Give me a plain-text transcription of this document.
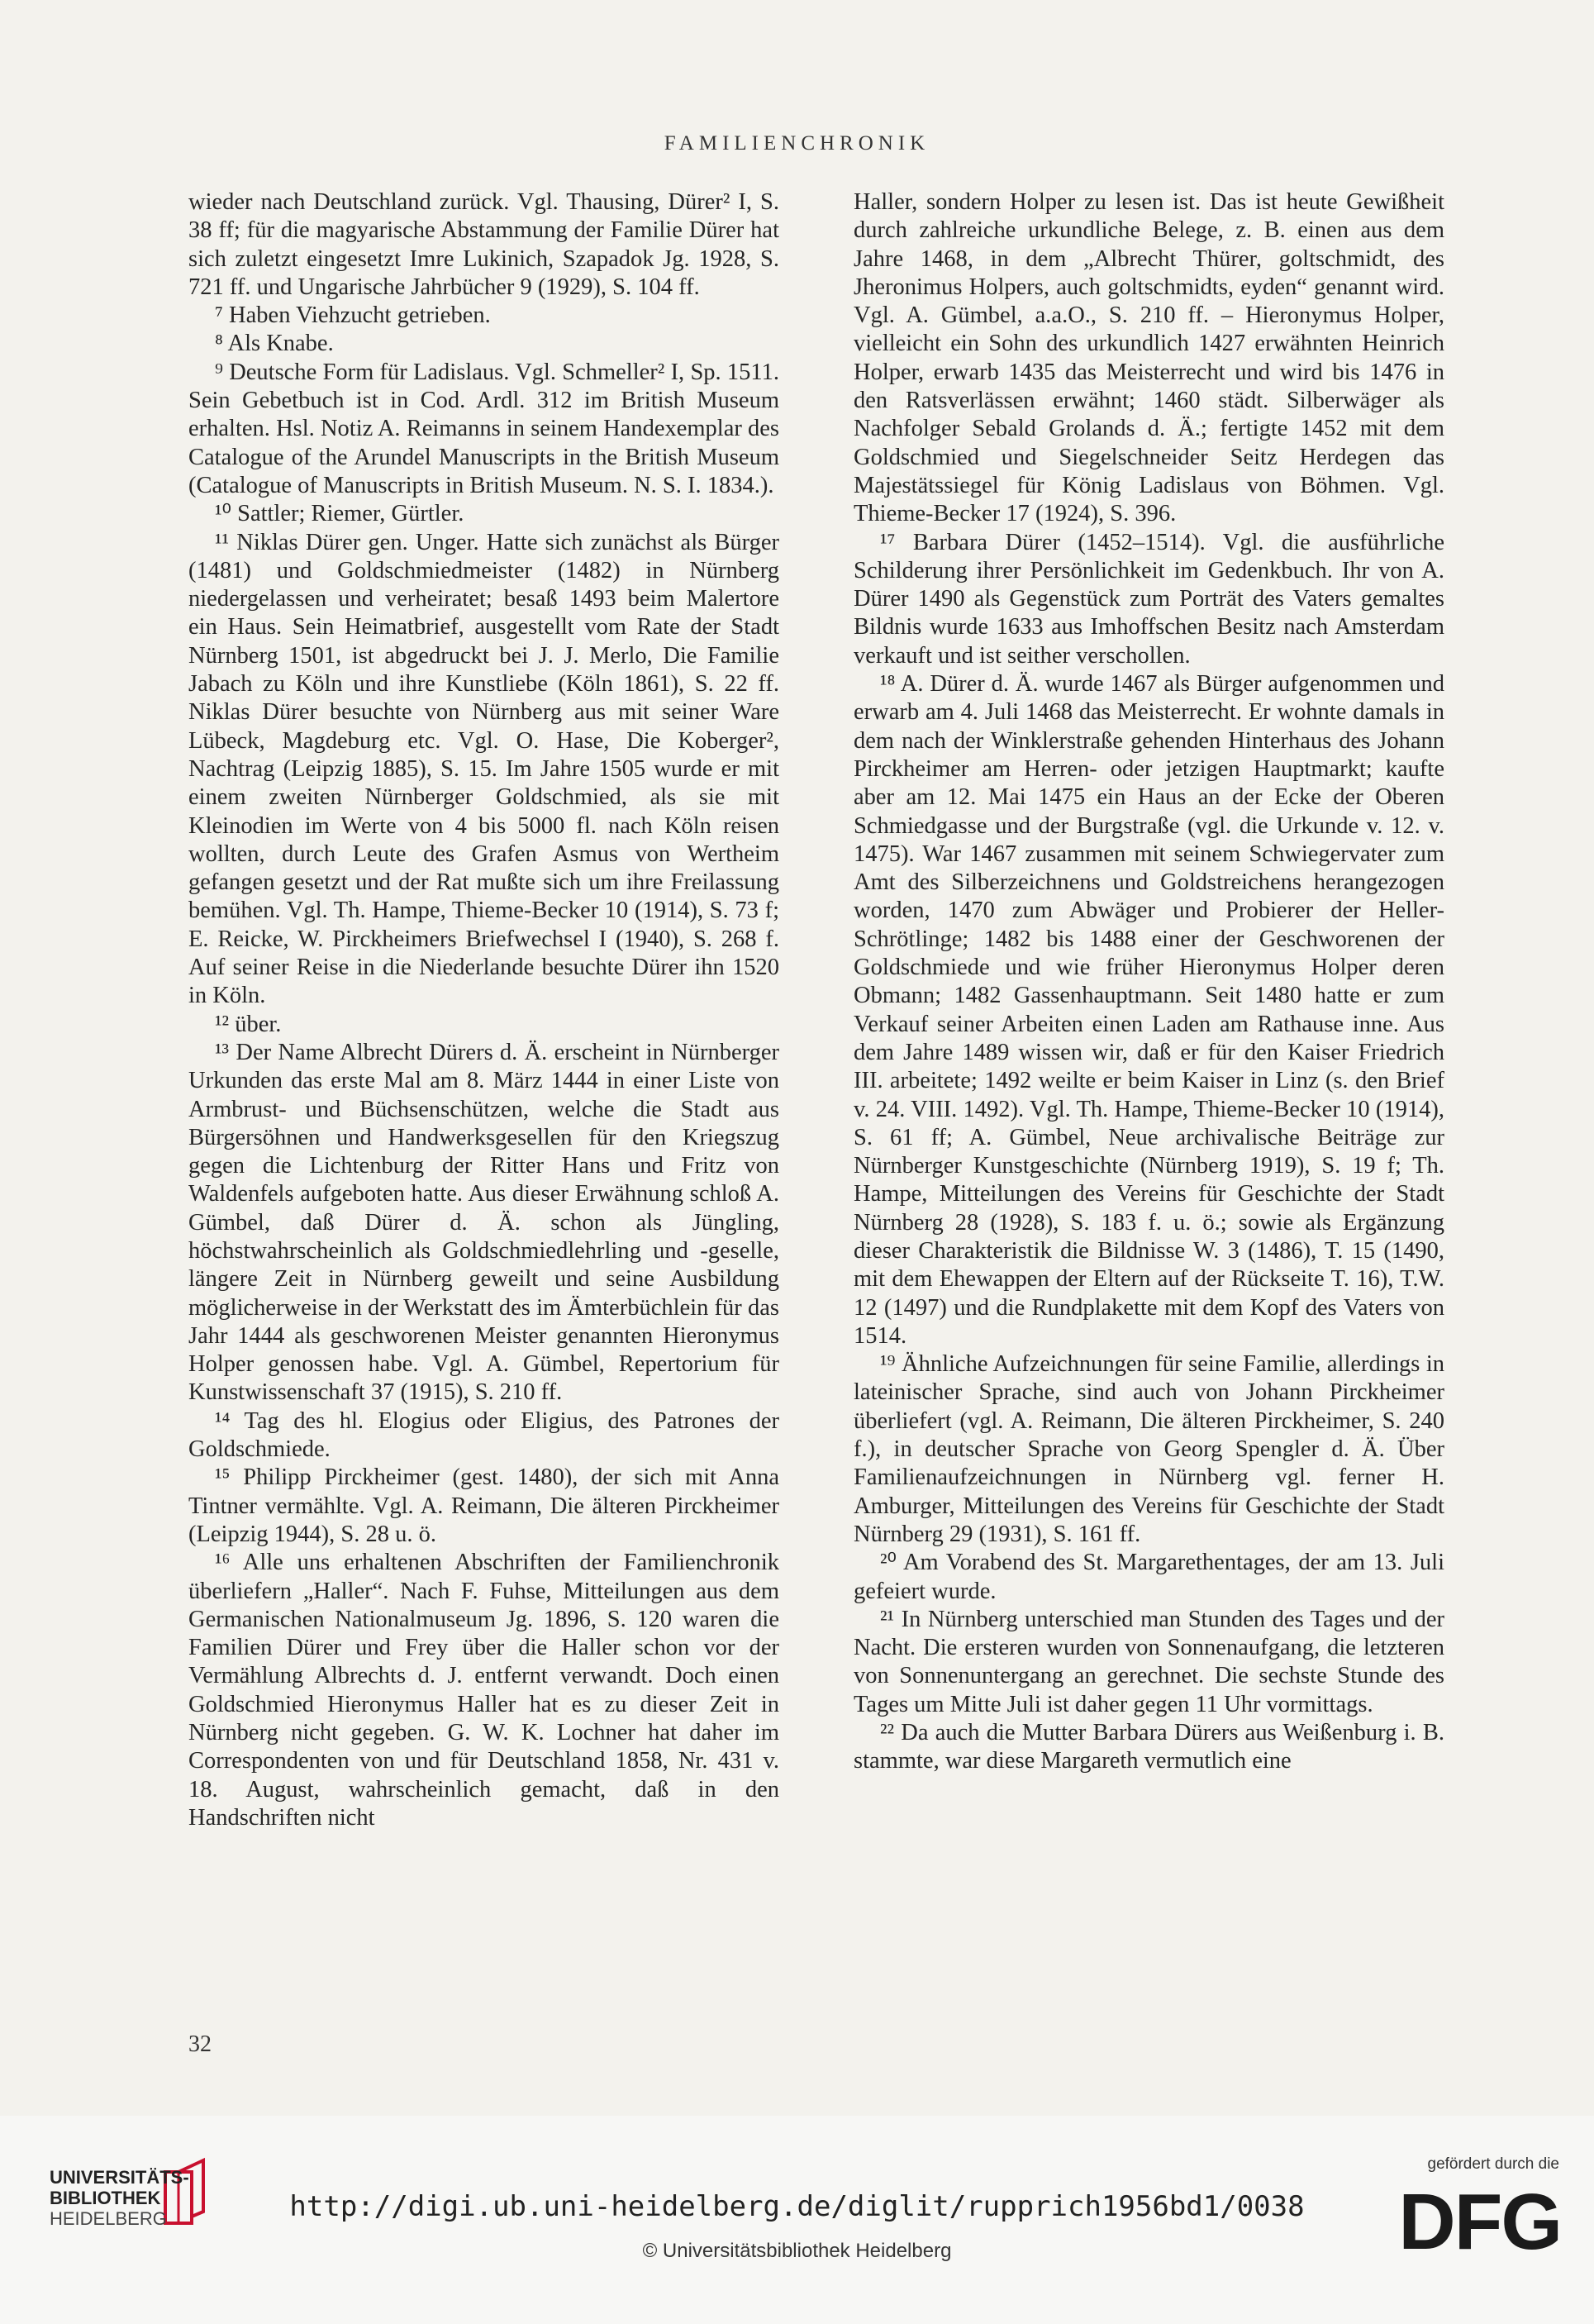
FAMILIENCHRONIK

wieder nach Deutschland zurück. Vgl. Thausing, Dürer² I, S. 38 ff; für die magyarische Abstammung der Familie Dürer hat sich zuletzt eingesetzt Imre Lukinich, Szapadok Jg. 1928, S. 721 ff. und Ungarische Jahrbücher 9 (1929), S. 104 ff.

⁷ Haben Viehzucht getrieben.

⁸ Als Knabe.

⁹ Deutsche Form für Ladislaus. Vgl. Schmeller² I, Sp. 1511. Sein Gebetbuch ist in Cod. Ardl. 312 im British Museum erhalten. Hsl. Notiz A. Reimanns in seinem Handexemplar des Catalogue of the Arundel Manuscripts in the British Museum (Catalogue of Manuscripts in British Museum. N. S. I. 1834.).

¹⁰ Sattler; Riemer, Gürtler.

¹¹ Niklas Dürer gen. Unger. Hatte sich zunächst als Bürger (1481) und Goldschmiedmeister (1482) in Nürnberg niedergelassen und verheiratet; besaß 1493 beim Malertore ein Haus. Sein Heimatbrief, ausgestellt vom Rate der Stadt Nürnberg 1501, ist abgedruckt bei J. J. Merlo, Die Familie Jabach zu Köln und ihre Kunstliebe (Köln 1861), S. 22 ff. Niklas Dürer besuchte von Nürnberg aus mit seiner Ware Lübeck, Magdeburg etc. Vgl. O. Hase, Die Koberger², Nachtrag (Leipzig 1885), S. 15. Im Jahre 1505 wurde er mit einem zweiten Nürnberger Goldschmied, als sie mit Kleinodien im Werte von 4 bis 5000 fl. nach Köln reisen wollten, durch Leute des Grafen Asmus von Wertheim gefangen gesetzt und der Rat mußte sich um ihre Freilassung bemühen. Vgl. Th. Hampe, Thieme-Becker 10 (1914), S. 73 f; E. Reicke, W. Pirckheimers Briefwechsel I (1940), S. 268 f. Auf seiner Reise in die Niederlande besuchte Dürer ihn 1520 in Köln.

¹² über.

¹³ Der Name Albrecht Dürers d. Ä. erscheint in Nürnberger Urkunden das erste Mal am 8. März 1444 in einer Liste von Armbrust- und Büchsenschützen, welche die Stadt aus Bürgersöhnen und Handwerksgesellen für den Kriegszug gegen die Lichtenburg der Ritter Hans und Fritz von Waldenfels aufgeboten hatte. Aus dieser Erwähnung schloß A. Gümbel, daß Dürer d. Ä. schon als Jüngling, höchstwahrscheinlich als Goldschmiedlehrling und -geselle, längere Zeit in Nürnberg geweilt und seine Ausbildung möglicherweise in der Werkstatt des im Ämterbüchlein für das Jahr 1444 als geschworenen Meister genannten Hieronymus Holper genossen habe. Vgl. A. Gümbel, Repertorium für Kunstwissenschaft 37 (1915), S. 210 ff.

¹⁴ Tag des hl. Elogius oder Eligius, des Patrones der Goldschmiede.

¹⁵ Philipp Pirckheimer (gest. 1480), der sich mit Anna Tintner vermählte. Vgl. A. Reimann, Die älteren Pirckheimer (Leipzig 1944), S. 28 u. ö.

¹⁶ Alle uns erhaltenen Abschriften der Familienchronik überliefern „Haller“. Nach F. Fuhse, Mitteilungen aus dem Germanischen Nationalmuseum Jg. 1896, S. 120 waren die Familien Dürer und Frey über die Haller schon vor der Vermählung Albrechts d. J. entfernt verwandt. Doch einen Goldschmied Hieronymus Haller hat es zu dieser Zeit in Nürnberg nicht gegeben. G. W. K. Lochner hat daher im Correspondenten von und für Deutschland 1858, Nr. 431 v. 18. August, wahrscheinlich gemacht, daß in den Handschriften nicht

Haller, sondern Holper zu lesen ist. Das ist heute Gewißheit durch zahlreiche urkundliche Belege, z. B. einen aus dem Jahre 1468, in dem „Albrecht Thürer, goltschmidt, des Jheronimus Holpers, auch goltschmidts, eyden“ genannt wird. Vgl. A. Gümbel, a.a.O., S. 210 ff. – Hieronymus Holper, vielleicht ein Sohn des urkundlich 1427 erwähnten Heinrich Holper, erwarb 1435 das Meisterrecht und wird bis 1476 in den Ratsverlässen erwähnt; 1460 städt. Silberwäger als Nachfolger Sebald Grolands d. Ä.; fertigte 1452 mit dem Goldschmied und Siegelschneider Seitz Herdegen das Majestätssiegel für König Ladislaus von Böhmen. Vgl. Thieme-Becker 17 (1924), S. 396.

¹⁷ Barbara Dürer (1452–1514). Vgl. die ausführliche Schilderung ihrer Persönlichkeit im Gedenkbuch. Ihr von A. Dürer 1490 als Gegenstück zum Porträt des Vaters gemaltes Bildnis wurde 1633 aus Imhoffschen Besitz nach Amsterdam verkauft und ist seither verschollen.

¹⁸ A. Dürer d. Ä. wurde 1467 als Bürger aufgenommen und erwarb am 4. Juli 1468 das Meisterrecht. Er wohnte damals in dem nach der Winklerstraße gehenden Hinterhaus des Johann Pirckheimer am Herren- oder jetzigen Hauptmarkt; kaufte aber am 12. Mai 1475 ein Haus an der Ecke der Oberen Schmiedgasse und der Burgstraße (vgl. die Urkunde v. 12. v. 1475). War 1467 zusammen mit seinem Schwiegervater zum Amt des Silberzeichnens und Goldstreichens herangezogen worden, 1470 zum Abwäger und Probierer der Heller-Schrötlinge; 1482 bis 1488 einer der Geschworenen der Goldschmiede und wie früher Hieronymus Holper deren Obmann; 1482 Gassenhauptmann. Seit 1480 hatte er zum Verkauf seiner Arbeiten einen Laden am Rathause inne. Aus dem Jahre 1489 wissen wir, daß er für den Kaiser Friedrich III. arbeitete; 1492 weilte er beim Kaiser in Linz (s. den Brief v. 24. VIII. 1492). Vgl. Th. Hampe, Thieme-Becker 10 (1914), S. 61 ff; A. Gümbel, Neue archivalische Beiträge zur Nürnberger Kunstgeschichte (Nürnberg 1919), S. 19 f; Th. Hampe, Mitteilungen des Vereins für Geschichte der Stadt Nürnberg 28 (1928), S. 183 f. u. ö.; sowie als Ergänzung dieser Charakteristik die Bildnisse W. 3 (1486), T. 15 (1490, mit dem Ehewappen der Eltern auf der Rückseite T. 16), T.W. 12 (1497) und die Rundplakette mit dem Kopf des Vaters von 1514.

¹⁹ Ähnliche Aufzeichnungen für seine Familie, allerdings in lateinischer Sprache, sind auch von Johann Pirckheimer überliefert (vgl. A. Reimann, Die älteren Pirckheimer, S. 240 f.), in deutscher Sprache von Georg Spengler d. Ä. Über Familienaufzeichnungen in Nürnberg vgl. ferner H. Amburger, Mitteilungen des Vereins für Geschichte der Stadt Nürnberg 29 (1931), S. 161 ff.

²⁰ Am Vorabend des St. Margarethentages, der am 13. Juli gefeiert wurde.

²¹ In Nürnberg unterschied man Stunden des Tages und der Nacht. Die ersteren wurden von Sonnenaufgang, die letzteren von Sonnenuntergang an gerechnet. Die sechste Stunde des Tages um Mitte Juli ist daher gegen 11 Uhr vormittags.

²² Da auch die Mutter Barbara Dürers aus Weißenburg i. B. stammte, war diese Margareth vermutlich eine

32
UNIVERSITÄTS-
BIBLIOTHEK
HEIDELBERG	http://digi.ub.uni-heidelberg.de/diglit/rupprich1956bd1/0038
© Universitätsbibliothek Heidelberg
gefördert durch die
DFG
